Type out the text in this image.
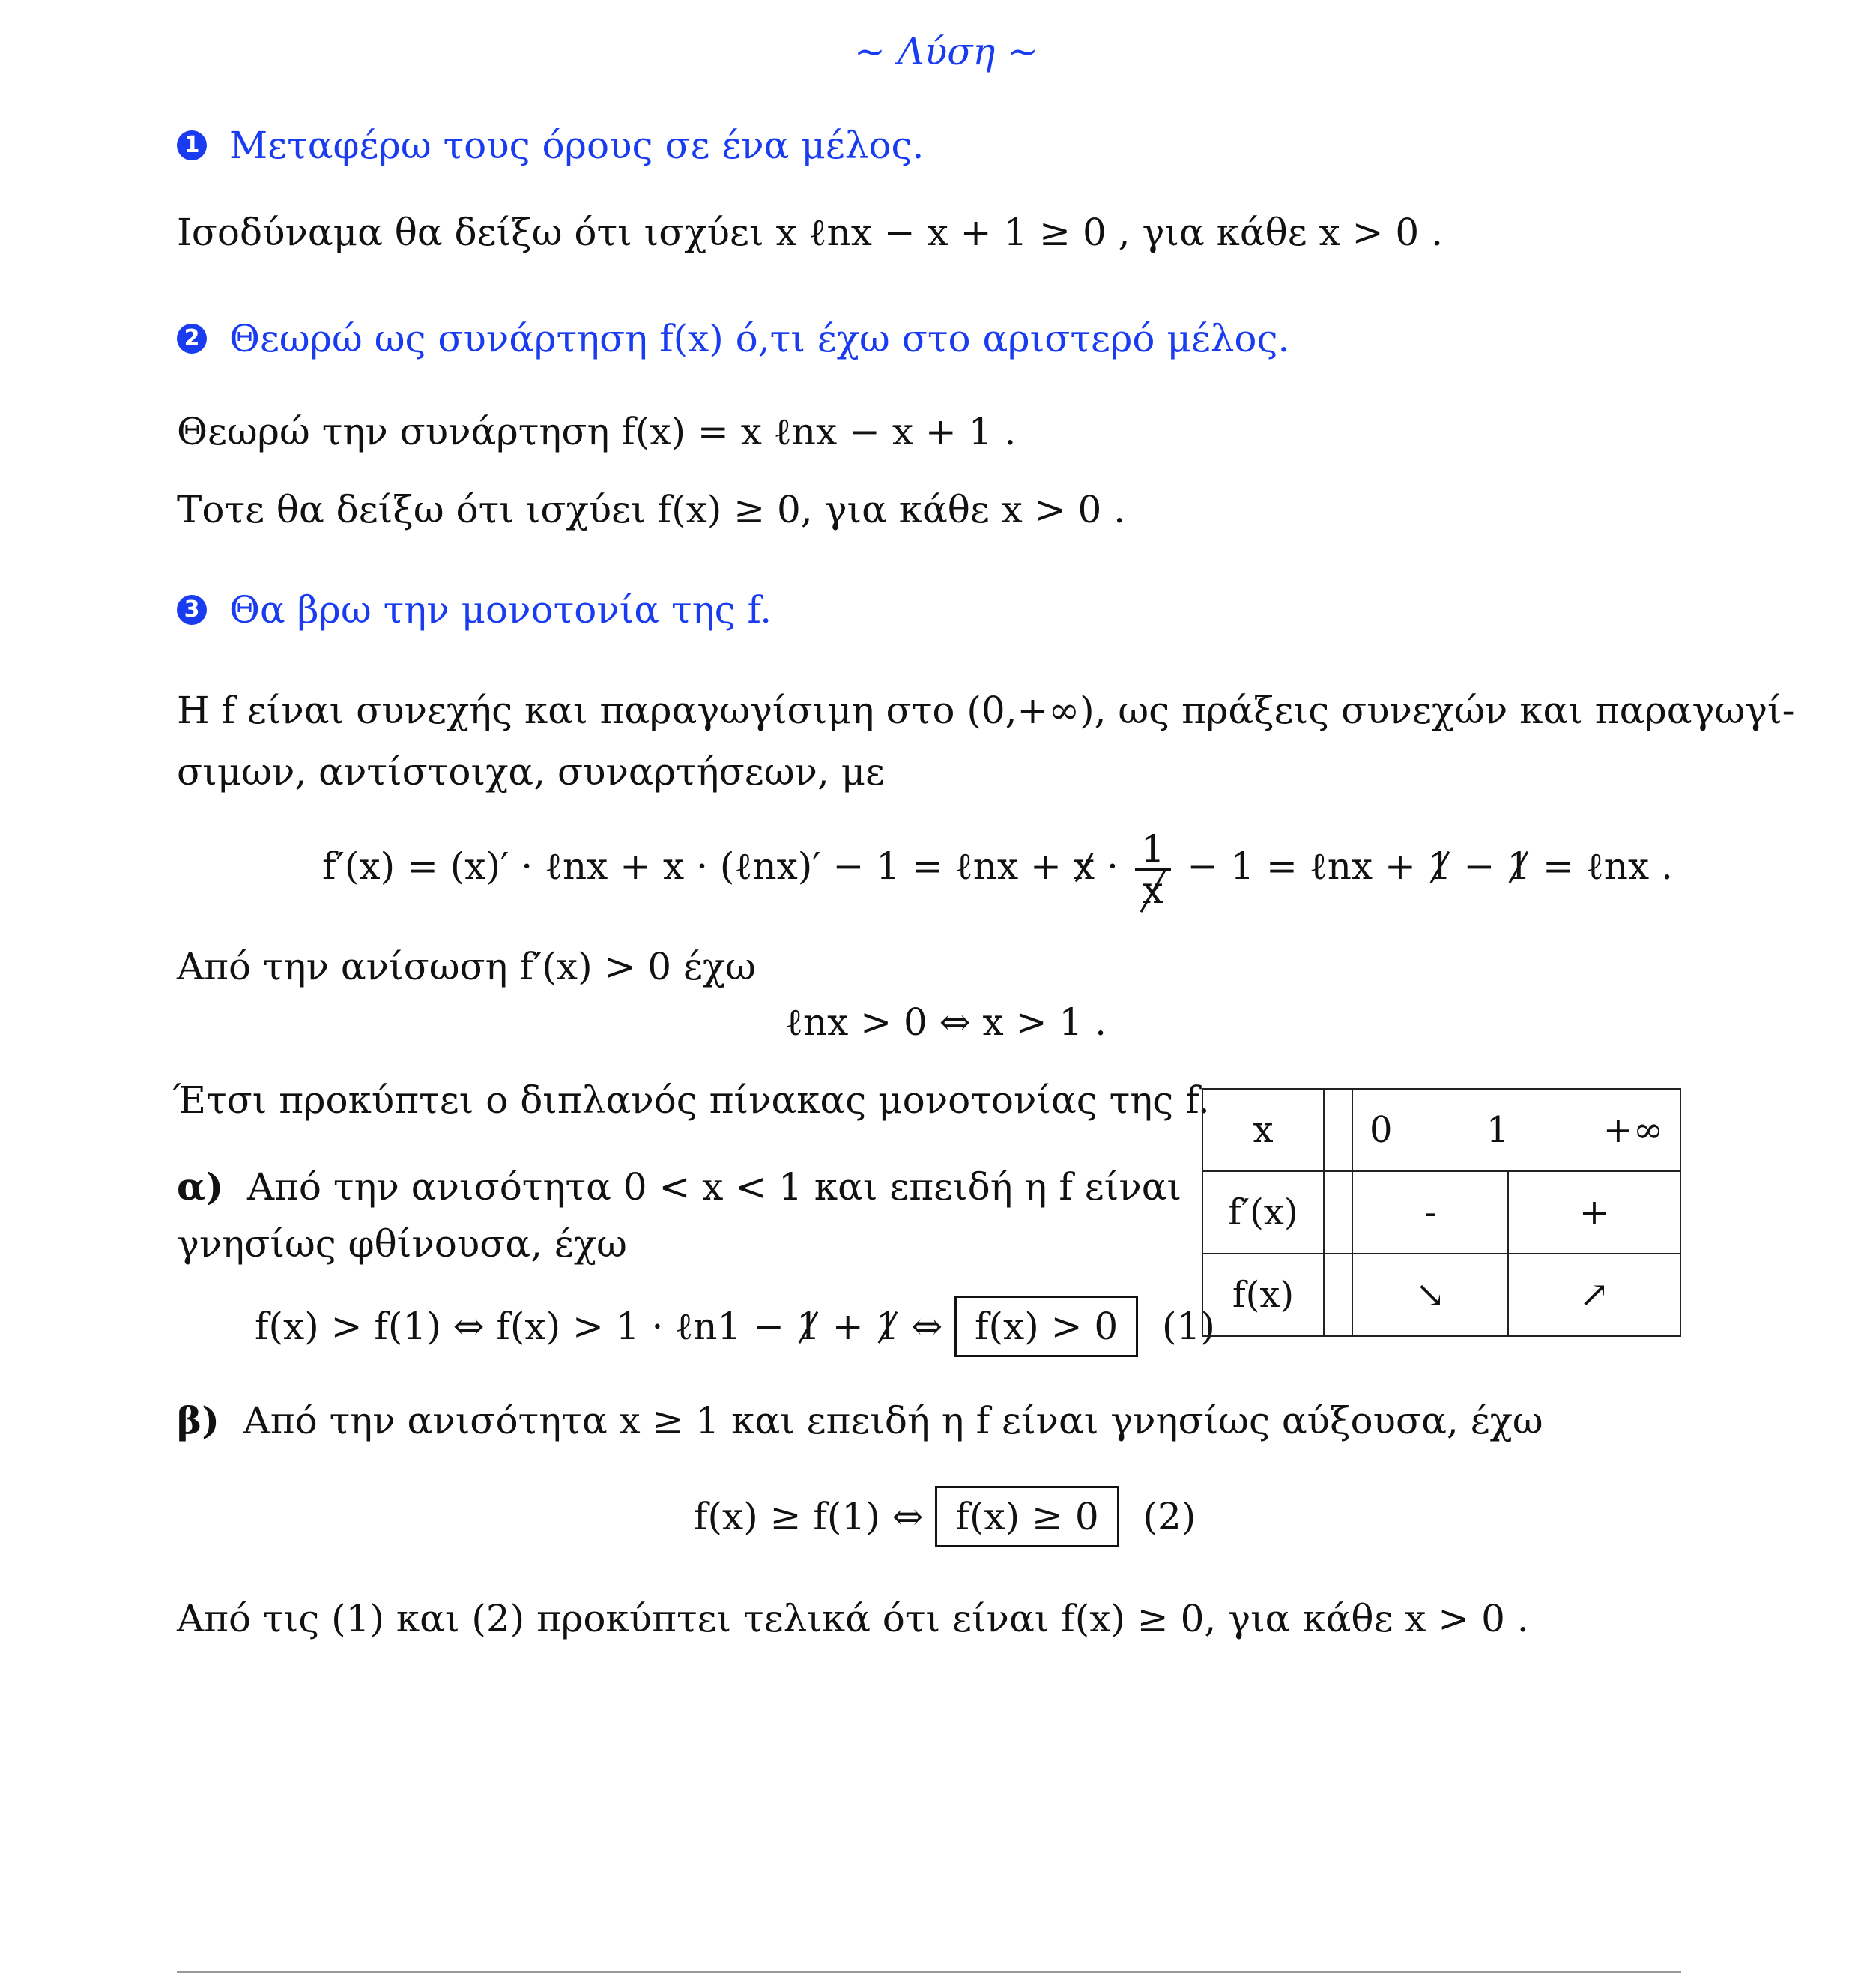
~ Λύση ~
1 Μεταφέρω τους όρους σε ένα μέλος.
Ισοδύναμα θα δείξω ότι ισχύει x ℓnx − x + 1 ≥ 0 , για κάθε x > 0 .
2 Θεωρώ ως συνάρτηση f(x) ό,τι έχω στο αριστερό μέλος.
Θεωρώ την συνάρτηση f(x) = x ℓnx − x + 1 .
Τοτε θα δείξω ότι ισχύει f(x) ≥ 0, για κάθε x > 0 .
3 Θα βρω την μονοτονία της f.
Η f είναι συνεχής και παραγωγίσιμη στο (0,+∞), ως πράξεις συνεχών και παραγωγί-
σιμων, αντίστοιχα, συναρτήσεων, με
f′(x) = (x)′ · ℓnx + x · (ℓnx)′ − 1 = ℓnx + $x \cdot \frac{1}{x} - 1$ = ℓnx + 1 − 1 = ℓnx .
Από την ανίσωση f′(x) > 0 έχω
ℓnx > 0 ⇔ x > 1 .
Έτσι προκύπτει ο διπλανός πίνακας μονοτονίας της f.
α) Από την ανισότητα 0 < x < 1 και επειδή η f είναι
γνησίως φθίνουσα, έχω
f(x) > f(1) ⇔ f(x) > 1 · ℓn1 − 1 + 1 ⇔ f(x) > 0 (1)
β) Από την ανισότητα x ≥ 1 και επειδή η f είναι γνησίως αύξουσα, έχω
f(x) ≥ f(1) ⇔ f(x) ≥ 0 (2)
Από τις (1) και (2) προκύπτει τελικά ότι είναι f(x) ≥ 0, για κάθε x > 0 .
x		0 1 +∞	

f′(x)		-	+
f(x)		↘	↗
